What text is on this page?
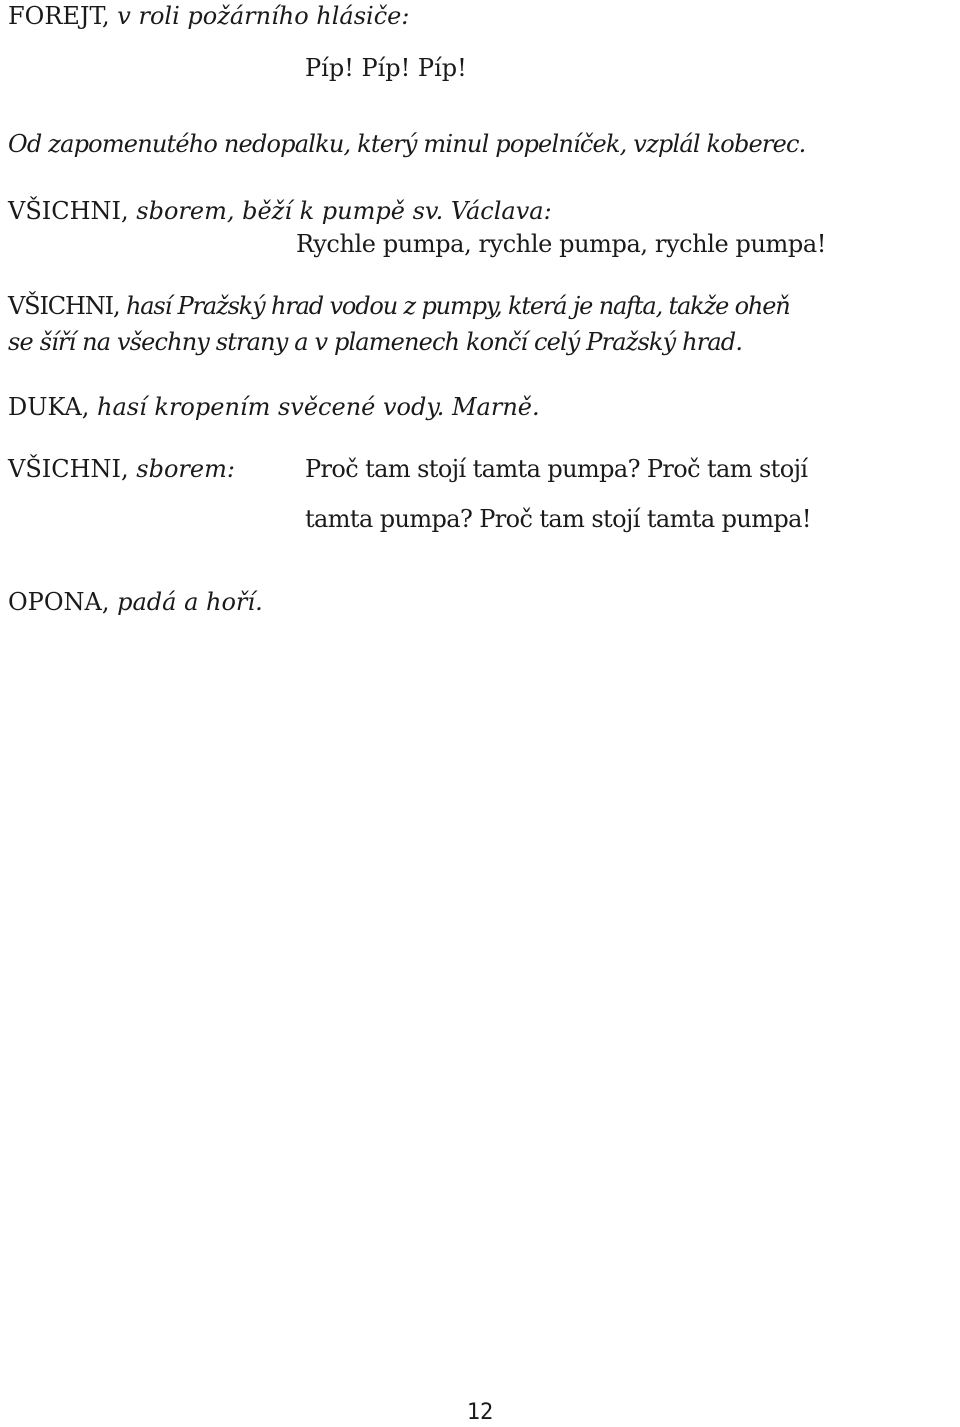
FOREJT, v roli požárního hlásiče:

Píp! Píp! Píp!

Od zapomenutého nedopalku, který minul popelníček, vzplál koberec.

VŠICHNI, sborem, běží k pumpě sv. Václava:

Rychle pumpa, rychle pumpa, rychle pumpa!

VŠICHNI, hasí Pražský hrad vodou z pumpy, která je nafta, takže oheň

se šíří na všechny strany a v plamenech končí celý Pražský hrad.

DUKA, hasí kropením svěcené vody. Marně.

VŠICHNI, sborem:	Proč tam stojí tamta pumpa? Proč tam stojí

tamta pumpa? Proč tam stojí tamta pumpa!

OPONA, padá a hoří.

12
